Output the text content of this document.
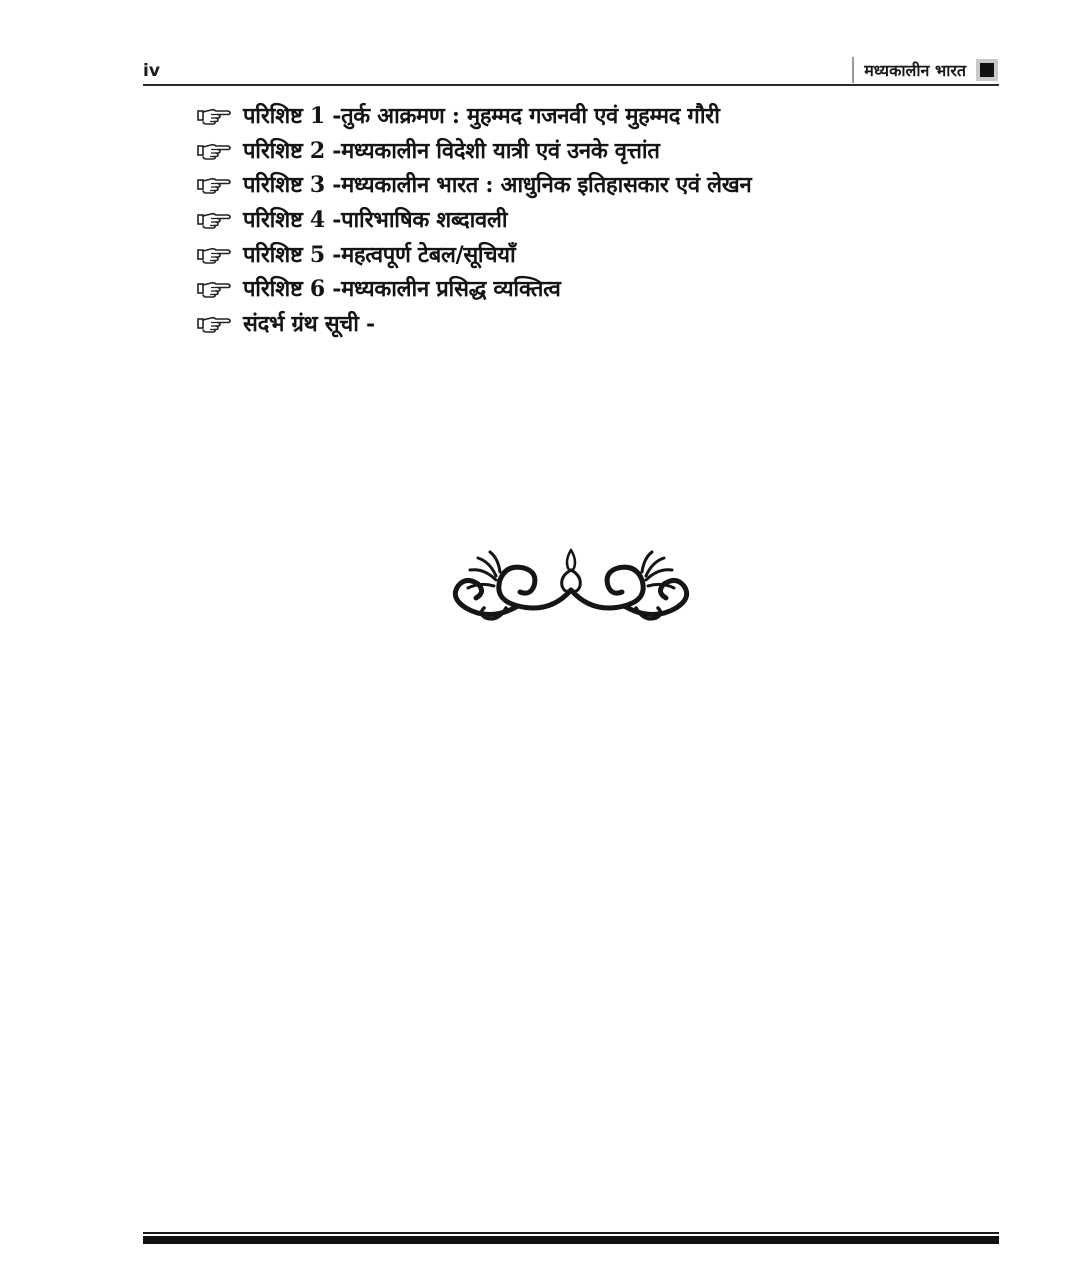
iv	मध्यकालीन भारत
परिशिष्ट 1 - तुर्क आक्रमण : मुहम्मद गजनवी एवं मुहम्मद गौरी
परिशिष्ट 2 - मध्यकालीन विदेशी यात्री एवं उनके वृत्तांत
परिशिष्ट 3 - मध्यकालीन भारत : आधुनिक इतिहासकार एवं लेखन
परिशिष्ट 4 - पारिभाषिक शब्दावली
परिशिष्ट 5 - महत्वपूर्ण टेबल/सूचियाँ
परिशिष्ट 6 - मध्यकालीन प्रसिद्ध व्यक्तित्व
संदर्भ ग्रंथ सूची -
